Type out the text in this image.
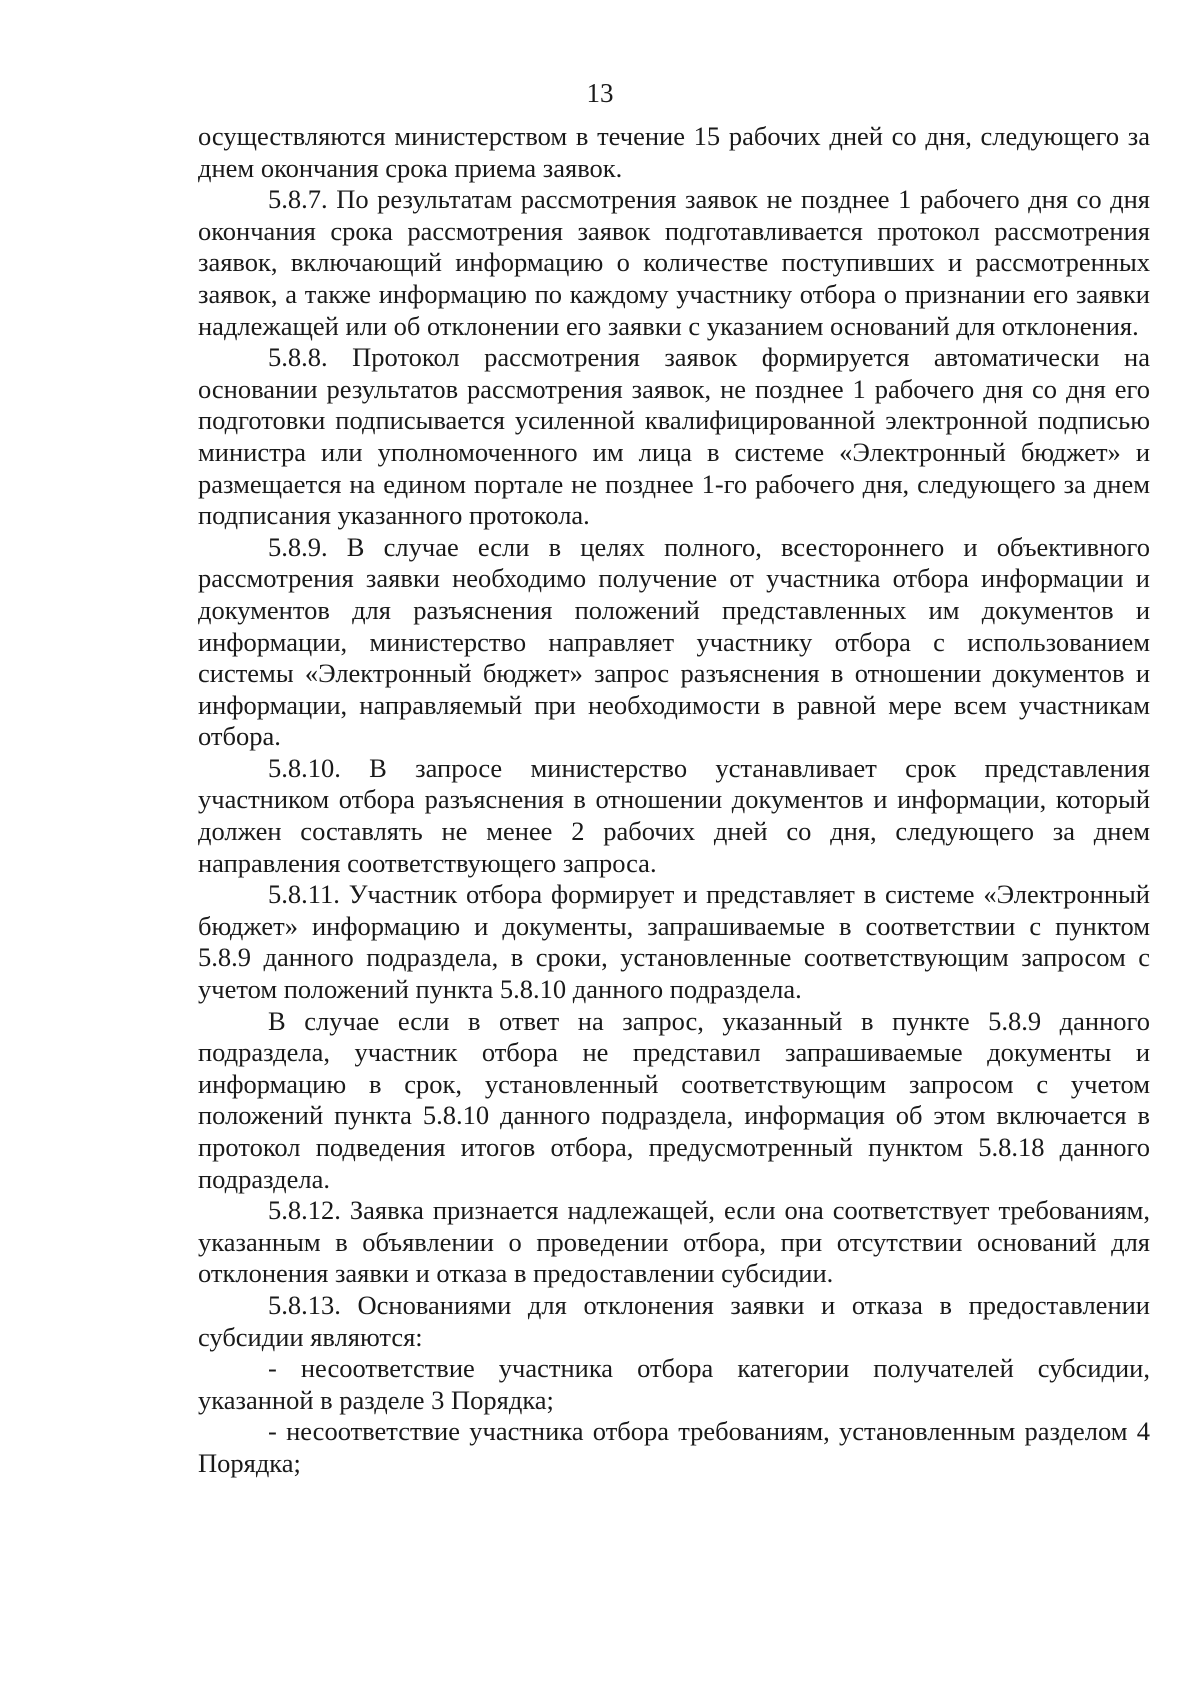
13

осуществляются министерством в течение 15 рабочих дней со дня, следующего за днем окончания срока приема заявок.

5.8.7. По результатам рассмотрения заявок не позднее 1 рабочего дня со дня окончания срока рассмотрения заявок подготавливается протокол рассмотрения заявок, включающий информацию о количестве поступивших и рассмотренных заявок, а также информацию по каждому участнику отбора о признании его заявки надлежащей или об отклонении его заявки с указанием оснований для отклонения.

5.8.8. Протокол рассмотрения заявок формируется автоматически на основании результатов рассмотрения заявок, не позднее 1 рабочего дня со дня его подготовки подписывается усиленной квалифицированной электронной подписью министра или уполномоченного им лица в системе «Электронный бюджет» и размещается на едином портале не позднее 1-го рабочего дня, следующего за днем подписания указанного протокола.

5.8.9. В случае если в целях полного, всестороннего и объективного рассмотрения заявки необходимо получение от участника отбора информации и документов для разъяснения положений представленных им документов и информации, министерство направляет участнику отбора с использованием системы «Электронный бюджет» запрос разъяснения в отношении документов и информации, направляемый при необходимости в равной мере всем участникам отбора.

5.8.10. В запросе министерство устанавливает срок представления участником отбора разъяснения в отношении документов и информации, который должен составлять не менее 2 рабочих дней со дня, следующего за днем направления соответствующего запроса.

5.8.11. Участник отбора формирует и представляет в системе «Электронный бюджет» информацию и документы, запрашиваемые в соответствии с пунктом 5.8.9 данного подраздела, в сроки, установленные соответствующим запросом с учетом положений пункта 5.8.10 данного подраздела.

В случае если в ответ на запрос, указанный в пункте 5.8.9 данного подраздела, участник отбора не представил запрашиваемые документы и информацию в срок, установленный соответствующим запросом с учетом положений пункта 5.8.10 данного подраздела, информация об этом включается в протокол подведения итогов отбора, предусмотренный пунктом 5.8.18 данного подраздела.

5.8.12. Заявка признается надлежащей, если она соответствует требованиям, указанным в объявлении о проведении отбора, при отсутствии оснований для отклонения заявки и отказа в предоставлении субсидии.

5.8.13. Основаниями для отклонения заявки и отказа в предоставлении субсидии являются:

- несоответствие участника отбора категории получателей субсидии, указанной в разделе 3 Порядка;

- несоответствие участника отбора требованиям, установленным разделом 4 Порядка;
